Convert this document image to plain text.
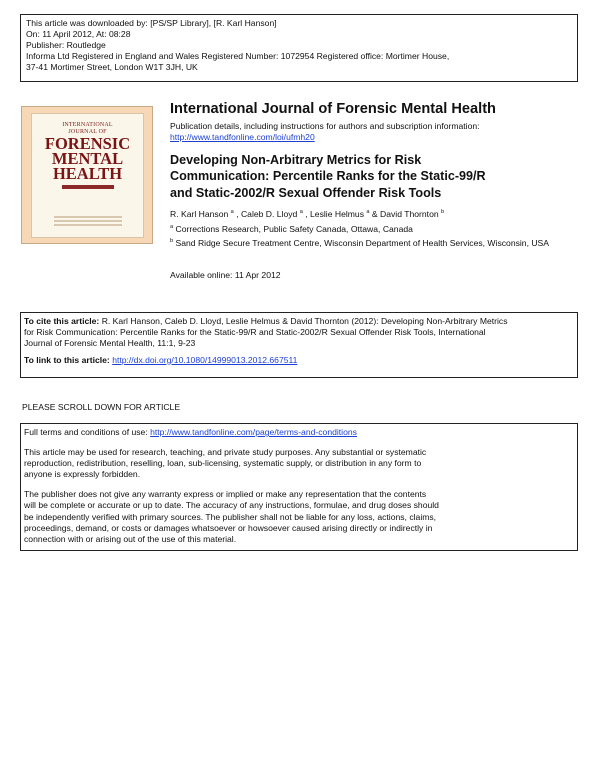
This article was downloaded by: [PS/SP Library], [R. Karl Hanson]
On: 11 April 2012, At: 08:28
Publisher: Routledge
Informa Ltd Registered in England and Wales Registered Number: 1072954 Registered office: Mortimer House,
37-41 Mortimer Street, London W1T 3JH, UK
INTERNATIONAL
JOURNAL OF
FORENSIC
MENTAL
HEALTH
International Journal of Forensic Mental Health
Publication details, including instructions for authors and subscription information:
http://www.tandfonline.com/loi/ufmh20
Developing Non-Arbitrary Metrics for Risk
Communication: Percentile Ranks for the Static-99/R
and Static-2002/R Sexual Offender Risk Tools
R. Karl Hanson $^a$ , Caleb D. Lloyd $^a$ , Leslie Helmus $^a$ & David Thornton $^b$
$^a$ Corrections Research, Public Safety Canada, Ottawa, Canada
$^b$ Sand Ridge Secure Treatment Centre, Wisconsin Department of Health Services, Wisconsin, USA
Available online: 11 Apr 2012
To cite this article: R. Karl Hanson, Caleb D. Lloyd, Leslie Helmus & David Thornton (2012): Developing Non-Arbitrary Metrics
for Risk Communication: Percentile Ranks for the Static-99/R and Static-2002/R Sexual Offender Risk Tools, International
Journal of Forensic Mental Health, 11:1, 9-23
To link to this article: http://dx.doi.org/10.1080/14999013.2012.667511
PLEASE SCROLL DOWN FOR ARTICLE
Full terms and conditions of use: http://www.tandfonline.com/page/terms-and-conditions
This article may be used for research, teaching, and private study purposes. Any substantial or systematic
reproduction, redistribution, reselling, loan, sub-licensing, systematic supply, or distribution in any form to
anyone is expressly forbidden.
The publisher does not give any warranty express or implied or make any representation that the contents
will be complete or accurate or up to date. The accuracy of any instructions, formulae, and drug doses should
be independently verified with primary sources. The publisher shall not be liable for any loss, actions, claims,
proceedings, demand, or costs or damages whatsoever or howsoever caused arising directly or indirectly in
connection with or arising out of the use of this material.
